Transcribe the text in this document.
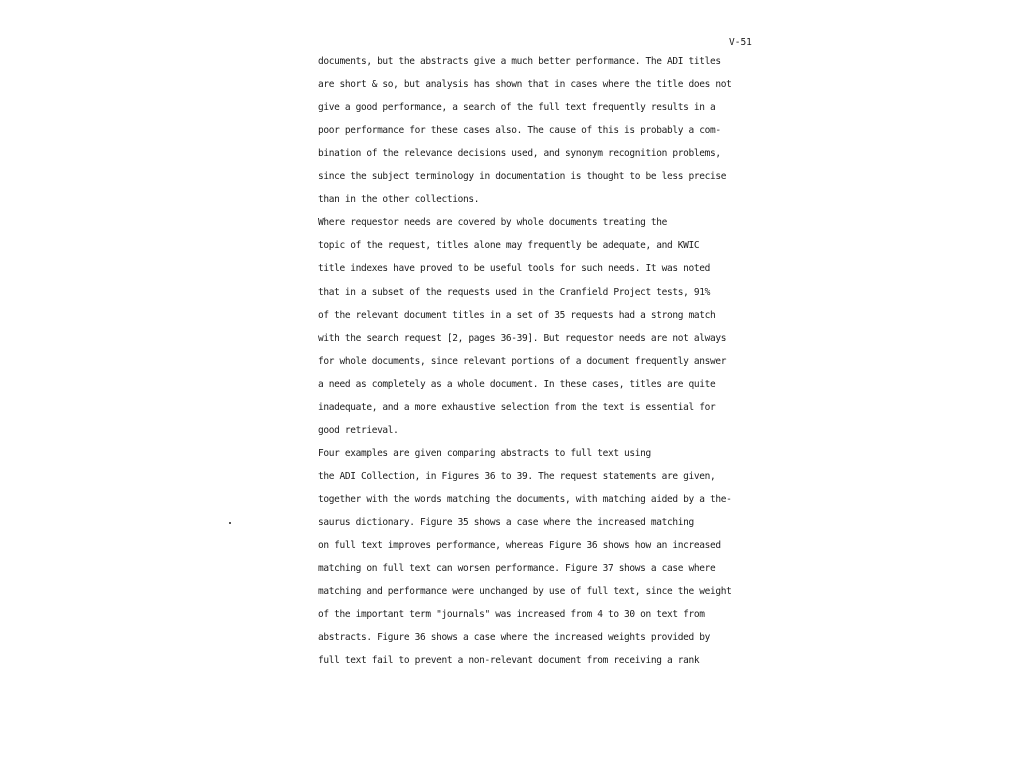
V-51
documents, but the abstracts give a much better performance. The ADI titles
are short & so, but analysis has shown that in cases where the title does not
give a good performance, a search of the full text frequently results in a
poor performance for these cases also. The cause of this is probably a com-
bination of the relevance decisions used, and synonym recognition problems,
since the subject terminology in documentation is thought to be less precise
than in the other collections.
Where requestor needs are covered by whole documents treating the
topic of the request, titles alone may frequently be adequate, and KWIC
title indexes have proved to be useful tools for such needs. It was noted
that in a subset of the requests used in the Cranfield Project tests, 91%
of the relevant document titles in a set of 35 requests had a strong match
with the search request [2, pages 36-39]. But requestor needs are not always
for whole documents, since relevant portions of a document frequently answer
a need as completely as a whole document. In these cases, titles are quite
inadequate, and a more exhaustive selection from the text is essential for
good retrieval.
Four examples are given comparing abstracts to full text using
the ADI Collection, in Figures 36 to 39. The request statements are given,
together with the words matching the documents, with matching aided by a the-
saurus dictionary. Figure 35 shows a case where the increased matching
on full text improves performance, whereas Figure 36 shows how an increased
matching on full text can worsen performance. Figure 37 shows a case where
matching and performance were unchanged by use of full text, since the weight
of the important term "journals" was increased from 4 to 30 on text from
abstracts. Figure 36 shows a case where the increased weights provided by
full text fail to prevent a non-relevant document from receiving a rank
